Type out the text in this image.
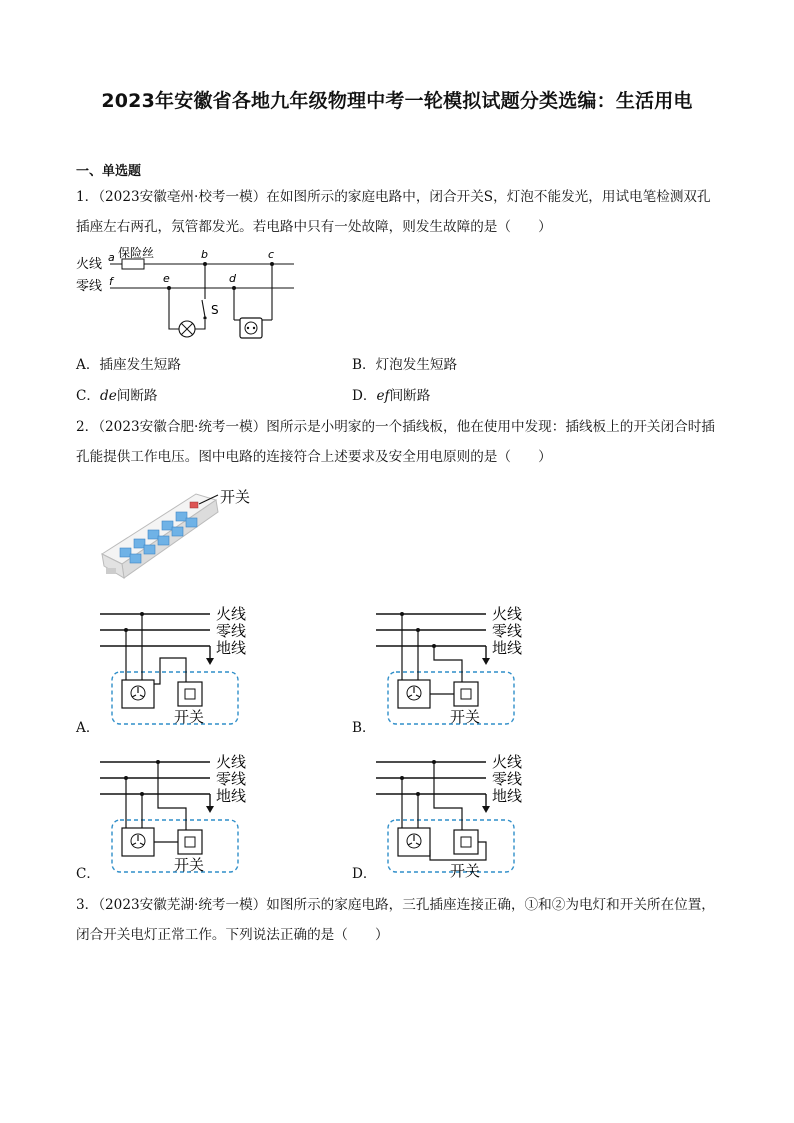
2023年安徽省各地九年级物理中考一轮模拟试题分类选编：生活用电
一、单选题
1．（2023安徽亳州·校考一模）在如图所示的家庭电路中，闭合开关S，灯泡不能发光，用试电笔检测双孔插座左右两孔，氖管都发光。若电路中只有一处故障，则发生故障的是（　　）
火线
零线
保险丝
a
f
b	c
d
e
S
A．插座发生短路	B．灯泡发生短路
C．de间断路	D．ef间断路
2．（2023安徽合肥·统考一模）图所示是小明家的一个插线板，他在使用中发现：插线板上的开关闭合时插孔能提供工作电压。图中电路的连接符合上述要求及安全用电原则的是（　　）
开关
火线
零线
地线
开关
A．
火线
零线
地线
开关
B．
火线
零线
地线
开关
C．
火线
零线
地线
开关
D．
3．（2023安徽芜湖·统考一模）如图所示的家庭电路，三孔插座连接正确，①和②为电灯和开关所在位置，闭合开关电灯正常工作。下列说法正确的是（　　）
